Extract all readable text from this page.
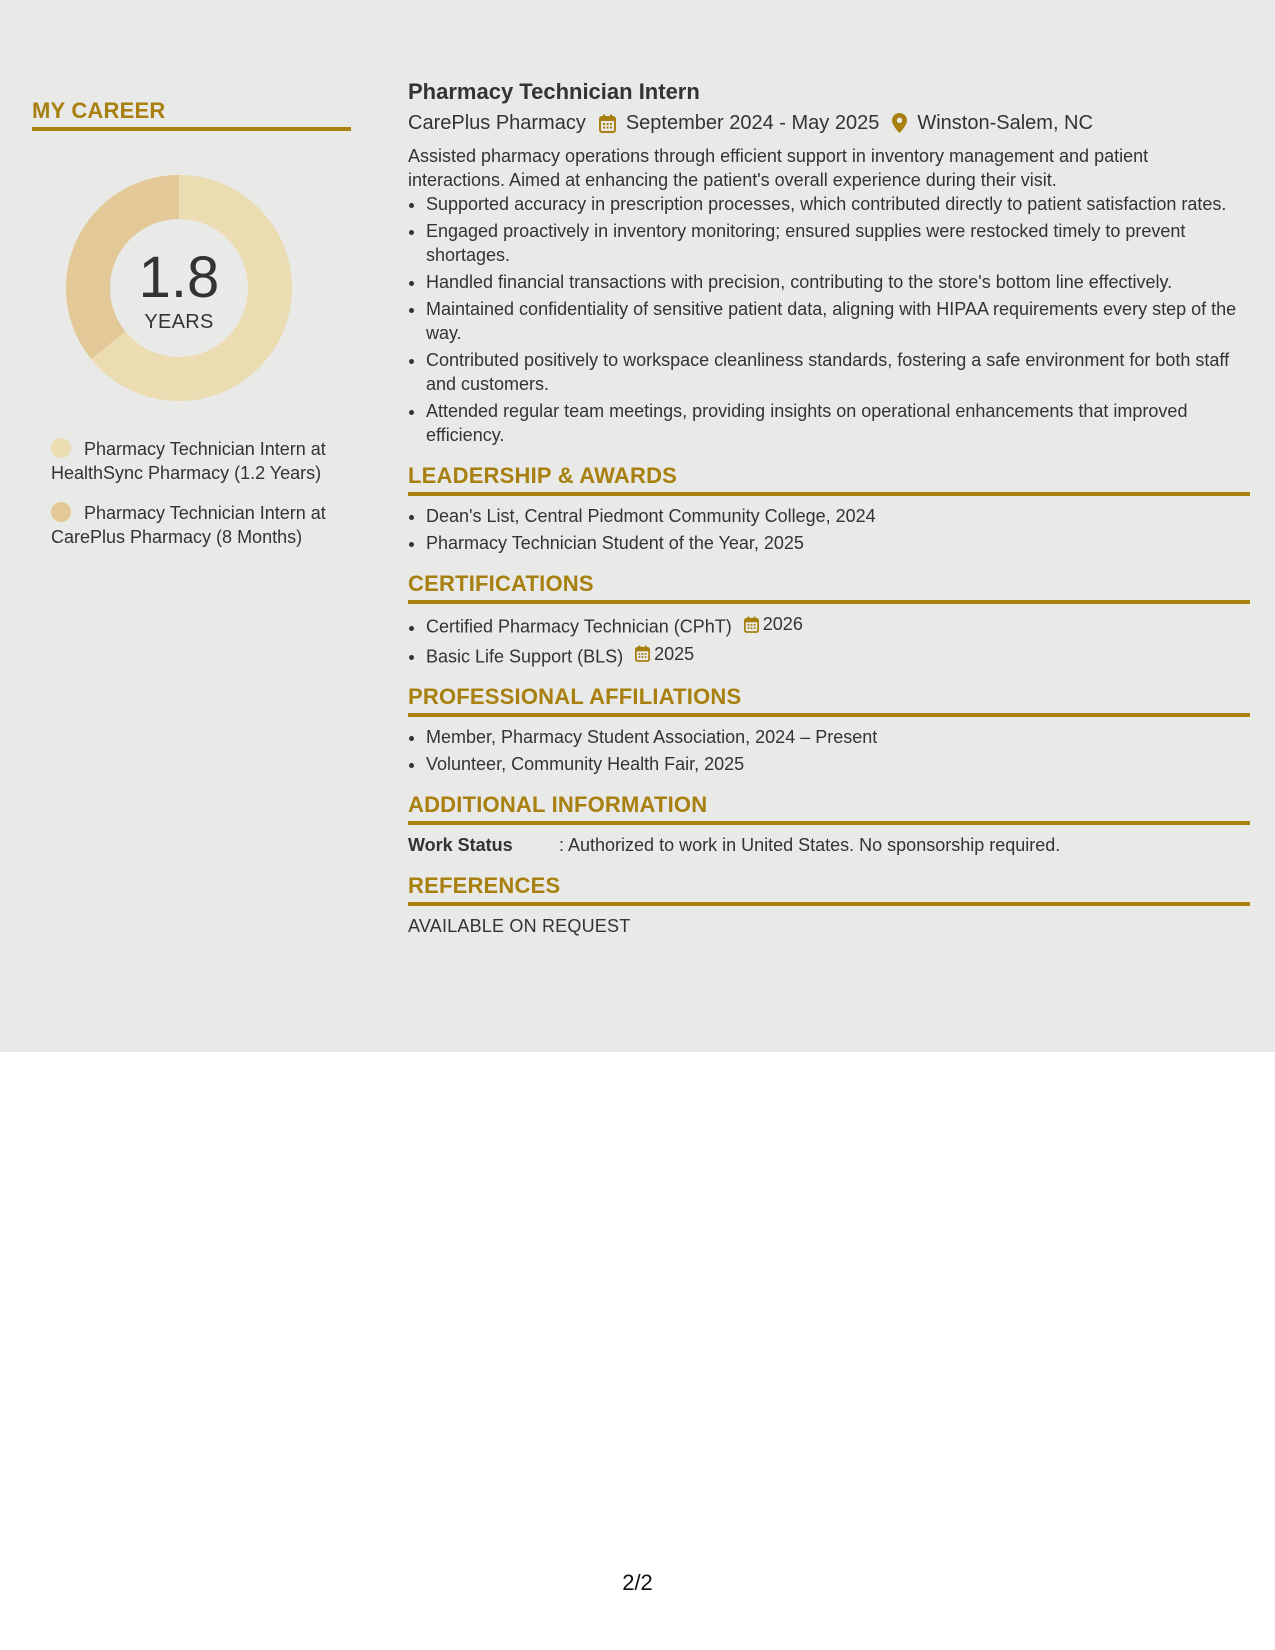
MY CAREER
1.8
YEARS
Pharmacy Technician Intern at HealthSync Pharmacy (1.2 Years)
Pharmacy Technician Intern at CarePlus Pharmacy (8 Months)
Pharmacy Technician Intern
CarePlus Pharmacy September 2024 - May 2025 Winston-Salem, NC

Assisted pharmacy operations through efficient support in inventory management and patient interactions. Aimed at enhancing the patient's overall experience during their visit.

• Supported accuracy in prescription processes, which contributed directly to patient satisfaction rates.
• Engaged proactively in inventory monitoring; ensured supplies were restocked timely to prevent shortages.
• Handled financial transactions with precision, contributing to the store's bottom line effectively.
• Maintained confidentiality of sensitive patient data, aligning with HIPAA requirements every step of the way.
• Contributed positively to workspace cleanliness standards, fostering a safe environment for both staff and customers.
• Attended regular team meetings, providing insights on operational enhancements that improved efficiency.
LEADERSHIP & AWARDS
• Dean's List, Central Piedmont Community College, 2024
• Pharmacy Technician Student of the Year, 2025
CERTIFICATIONS
• Certified Pharmacy Technician (CPhT) 2026
• Basic Life Support (BLS) 2025
PROFESSIONAL AFFILIATIONS
• Member, Pharmacy Student Association, 2024 – Present
• Volunteer, Community Health Fair, 2025
ADDITIONAL INFORMATION
Work Status	: Authorized to work in United States. No sponsorship required.
REFERENCES
AVAILABLE ON REQUEST
2/2
